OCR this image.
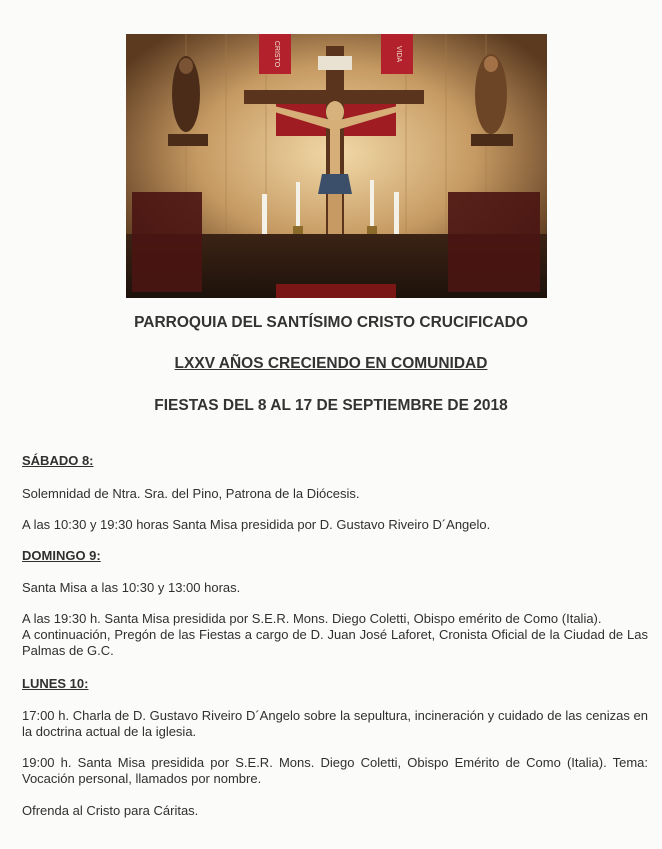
CRISTO	VIDA
PARROQUIA DEL SANTÍSIMO CRISTO CRUCIFICADO
LXXV AÑOS CRECIENDO EN COMUNIDAD
FIESTAS DEL 8 AL 17 DE SEPTIEMBRE DE 2018
SÁBADO 8:
Solemnidad de Ntra. Sra. del Pino, Patrona de la Diócesis.
A las 10:30 y 19:30 horas Santa Misa presidida por D. Gustavo Riveiro D´Angelo.
DOMINGO 9:
Santa Misa a las 10:30 y 13:00 horas.
A las 19:30 h. Santa Misa presidida por S.E.R. Mons. Diego Coletti, Obispo emérito de Como (Italia).
A continuación, Pregón de las Fiestas a cargo de D. Juan José Laforet, Cronista Oficial de la Ciudad de Las Palmas de G.C.
LUNES 10:
17:00 h. Charla de D. Gustavo Riveiro D´Angelo sobre la sepultura, incineración y cuidado de las cenizas en la doctrina actual de la iglesia.
19:00 h. Santa Misa presidida por S.E.R. Mons. Diego Coletti, Obispo Emérito de Como (Italia). Tema: Vocación personal, llamados por nombre.
Ofrenda al Cristo para Cáritas.
